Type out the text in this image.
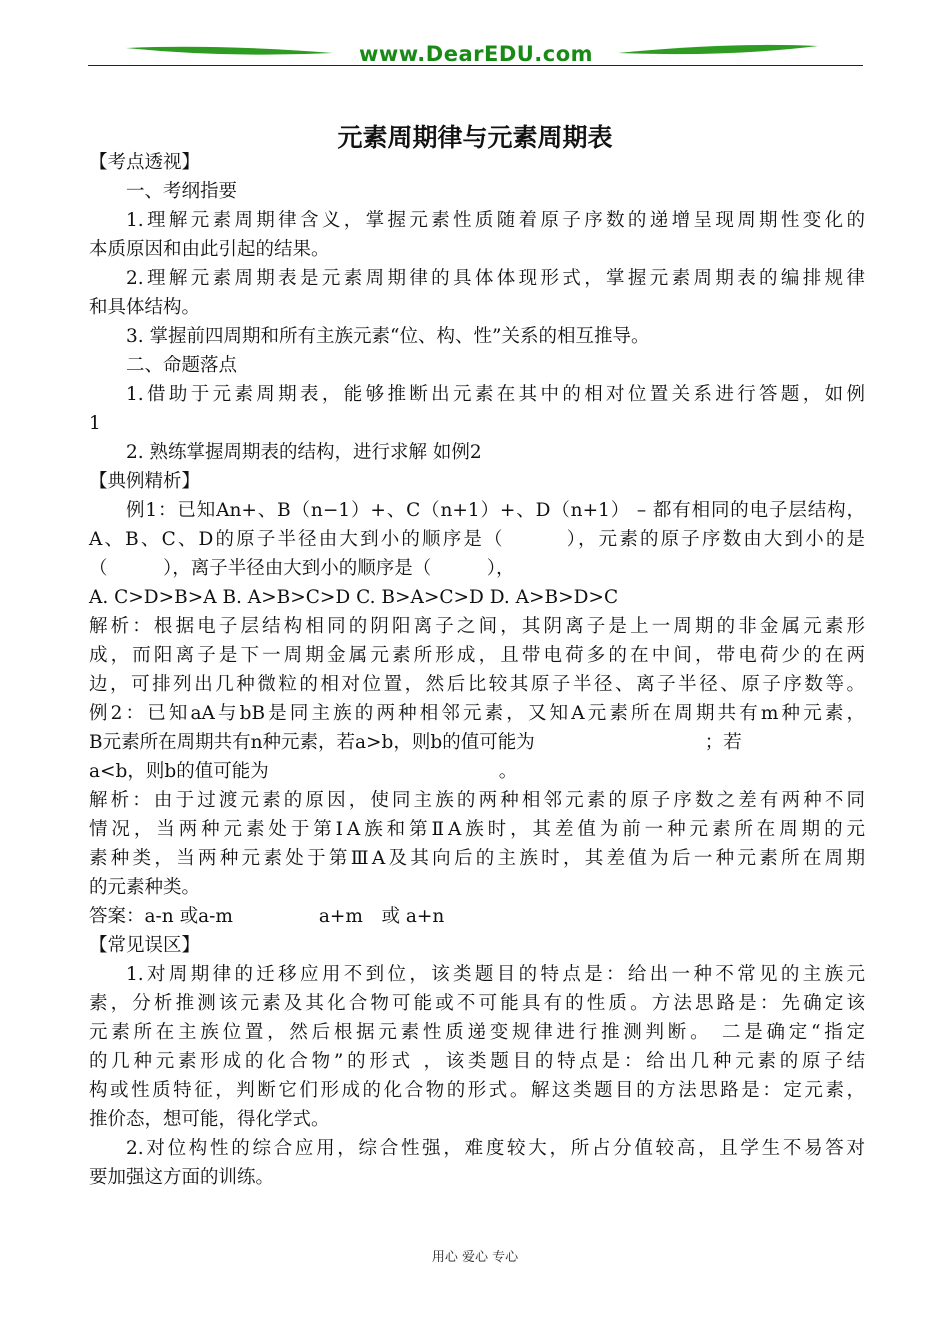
www.DearEDU.com
元素周期律与元素周期表
【考点透视】
一、考纲指要
1.理解元素周期律含义，掌握元素性质随着原子序数的递增呈现周期性变化的
本质原因和由此引起的结果。
2.理解元素周期表是元素周期律的具体体现形式，掌握元素周期表的编排规律
和具体结构。
3. 掌握前四周期和所有主族元素“位、构、性”关系的相互推导。
二、命题落点
1.借助于元素周期表，能够推断出元素在其中的相对位置关系进行答题，如例
1
2. 熟练掌握周期表的结构，进行求解 如例2
【典例精析】
例1：已知An+、B（n−1）+、C（n+1）+、D（n+1） – 都有相同的电子层结构，
A、B、C、D的原子半径由大到小的顺序是（　　　），元素的原子序数由大到小的是
（　　　），离子半径由大到小的顺序是（　　　），
A. C>D>B>A B. A>B>C>D C. B>A>C>D D. A>B>D>C
解析：根据电子层结构相同的阴阳离子之间，其阴离子是上一周期的非金属元素形
成，而阳离子是下一周期金属元素所形成，且带电荷多的在中间，带电荷少的在两
边，可排列出几种微粒的相对位置，然后比较其原子半径、离子半径、原子序数等。
例2：已知aA与bB是同主族的两种相邻元素，又知A元素所在周期共有m种元素，
B元素所在周期共有n种元素，若a>b，则b的值可能为	；若
a<b，则b的值可能为	。
解析：由于过渡元素的原因，使同主族的两种相邻元素的原子序数之差有两种不同
情况，当两种元素处于第ⅠA族和第ⅡA族时，其差值为前一种元素所在周期的元
素种类，当两种元素处于第ⅢA及其向后的主族时，其差值为后一种元素所在周期
的元素种类。
答案：a-n 或a-m	a+m　或 a+n
【常见误区】
1.对周期律的迁移应用不到位，该类题目的特点是：给出一种不常见的主族元
素，分析推测该元素及其化合物可能或不可能具有的性质。方法思路是：先确定该
元素所在主族位置，然后根据元素性质递变规律进行推测判断。 二是确定“指定
的几种元素形成的化合物”的形式 ，该类题目的特点是：给出几种元素的原子结
构或性质特征，判断它们形成的化合物的形式。解这类题目的方法思路是：定元素，
推价态，想可能，得化学式。
2.对位构性的综合应用，综合性强，难度较大，所占分值较高，且学生不易答对
要加强这方面的训练。
用心 爱心 专心
